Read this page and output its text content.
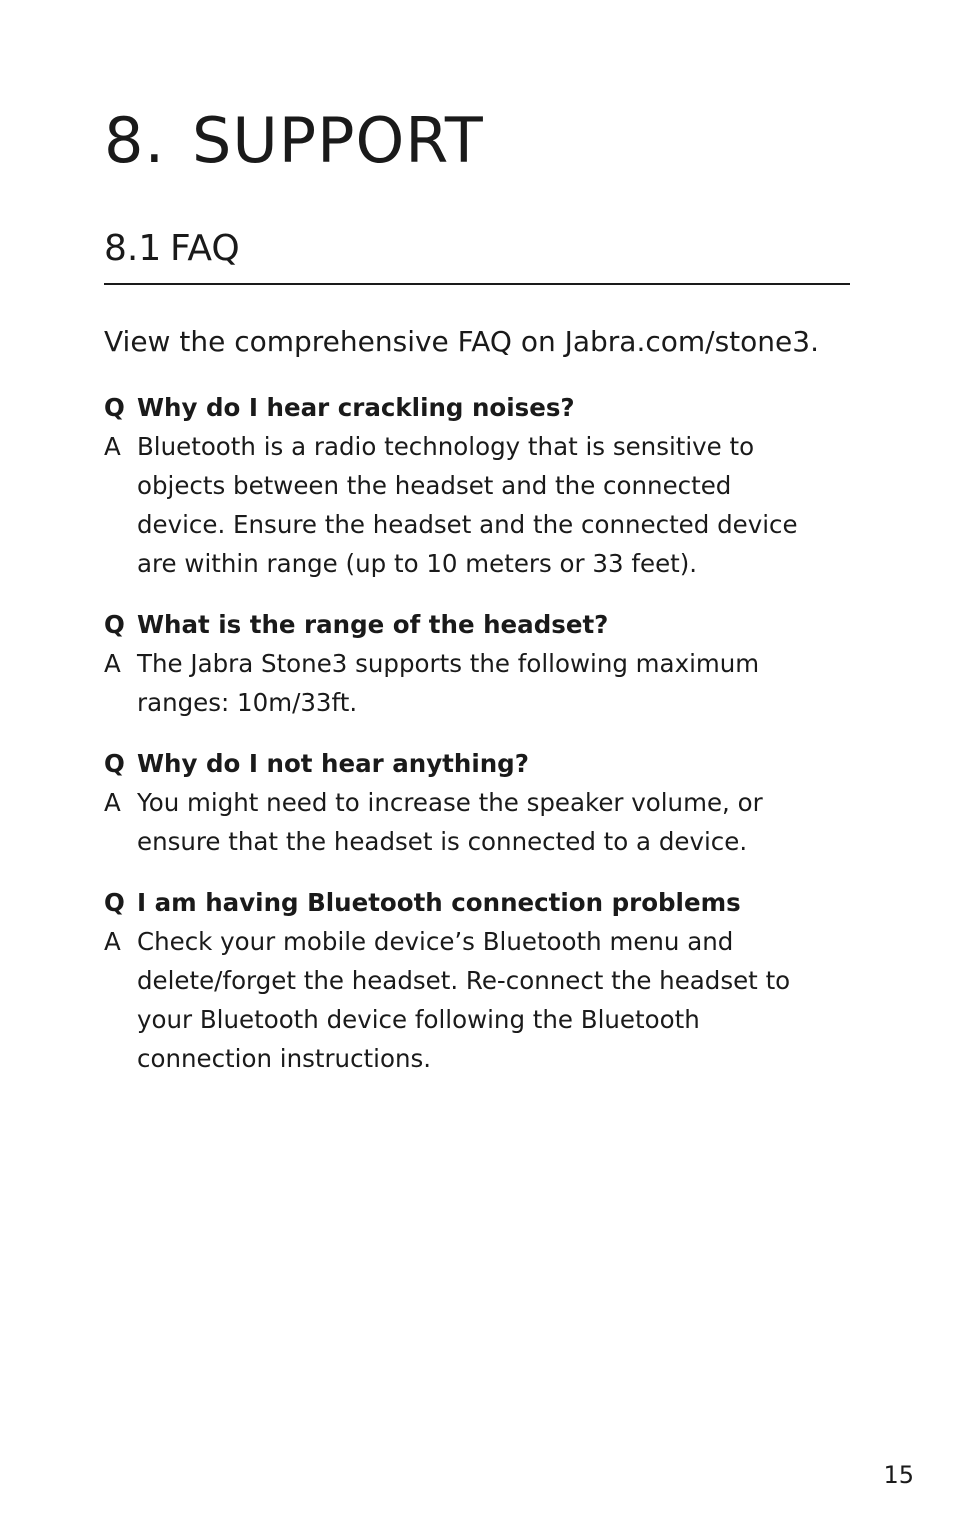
8. SUPPORT
8.1 FAQ

View the comprehensive FAQ on Jabra.com/stone3.

Q Why do I hear crackling noises?
A Bluetooth is a radio technology that is sensitive to
objects between the headset and the connected
device. Ensure the headset and the connected device
are within range (up to 10 meters or 33 feet).
Q What is the range of the headset?
A The Jabra Stone3 supports the following maximum
ranges: 10m/33ft.
Q Why do I not hear anything?
A You might need to increase the speaker volume, or
ensure that the headset is connected to a device.
Q I am having Bluetooth connection problems
A Check your mobile device’s Bluetooth menu and
delete/forget the headset. Re-connect the headset to
your Bluetooth device following the Bluetooth
connection instructions.
15
